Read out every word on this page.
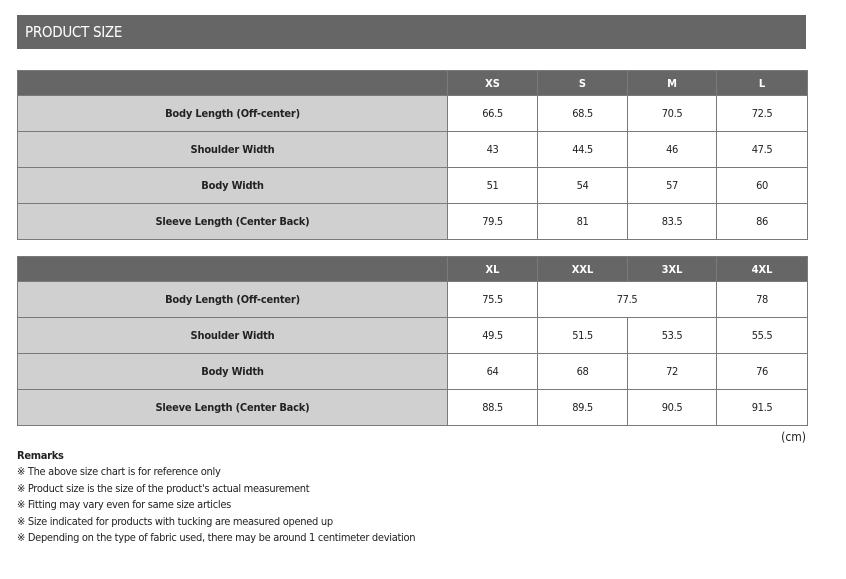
PRODUCT SIZE
	XS	S	M	L
Body Length (Off-center)	66.5	68.5	70.5	72.5
Shoulder Width	43	44.5	46	47.5
Body Width	51	54	57	60
Sleeve Length (Center Back)	79.5	81	83.5	86
	XL	XXL	3XL	4XL
Body Length (Off-center)	75.5	77.5		78
Shoulder Width	49.5	51.5	53.5	55.5
Body Width	64	68	72	76
Sleeve Length (Center Back)	88.5	89.5	90.5	91.5
(cm)
Remarks
※ The above size chart is for reference only
※ Product size is the size of the product's actual measurement
※ Fitting may vary even for same size articles
※ Size indicated for products with tucking are measured opened up
※ Depending on the type of fabric used, there may be around 1 centimeter deviation
